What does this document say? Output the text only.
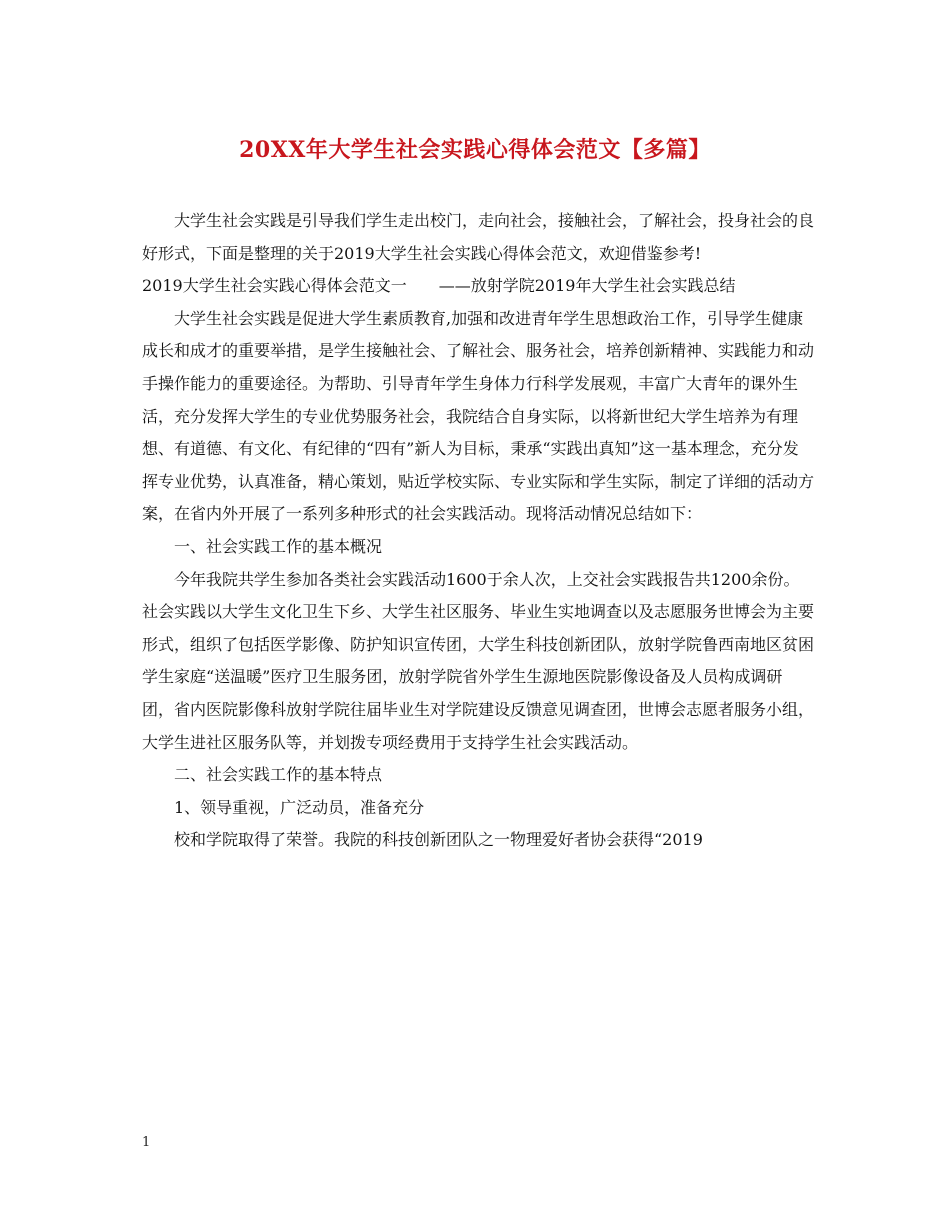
20XX年大学生社会实践心得体会范文【多篇】

大学生社会实践是引导我们学生走出校门，走向社会，接触社会，了解社会，投身社会的良好形式，下面是整理的关于2019大学生社会实践心得体会范文，欢迎借鉴参考!

2019大学生社会实践心得体会范文一　　——放射学院2019年大学生社会实践总结

大学生社会实践是促进大学生素质教育,加强和改进青年学生思想政治工作，引导学生健康成长和成才的重要举措，是学生接触社会、了解社会、服务社会，培养创新精神、实践能力和动手操作能力的重要途径。为帮助、引导青年学生身体力行科学发展观，丰富广大青年的课外生活，充分发挥大学生的专业优势服务社会，我院结合自身实际，以将新世纪大学生培养为有理想、有道德、有文化、有纪律的“四有”新人为目标，秉承“实践出真知”这一基本理念，充分发挥专业优势，认真准备，精心策划，贴近学校实际、专业实际和学生实际，制定了详细的活动方案，在省内外开展了一系列多种形式的社会实践活动。现将活动情况总结如下：

一、社会实践工作的基本概况

今年我院共学生参加各类社会实践活动1600于余人次，上交社会实践报告共1200余份。社会实践以大学生文化卫生下乡、大学生社区服务、毕业生实地调查以及志愿服务世博会为主要形式，组织了包括医学影像、防护知识宣传团，大学生科技创新团队，放射学院鲁西南地区贫困学生家庭“送温暖”医疗卫生服务团，放射学院省外学生生源地医院影像设备及人员构成调研团，省内医院影像科放射学院往届毕业生对学院建设反馈意见调查团，世博会志愿者服务小组，大学生进社区服务队等，并划拨专项经费用于支持学生社会实践活动。

二、社会实践工作的基本特点

1、领导重视，广泛动员，准备充分

校和学院取得了荣誉。我院的科技创新团队之一物理爱好者协会获得“2019

1
